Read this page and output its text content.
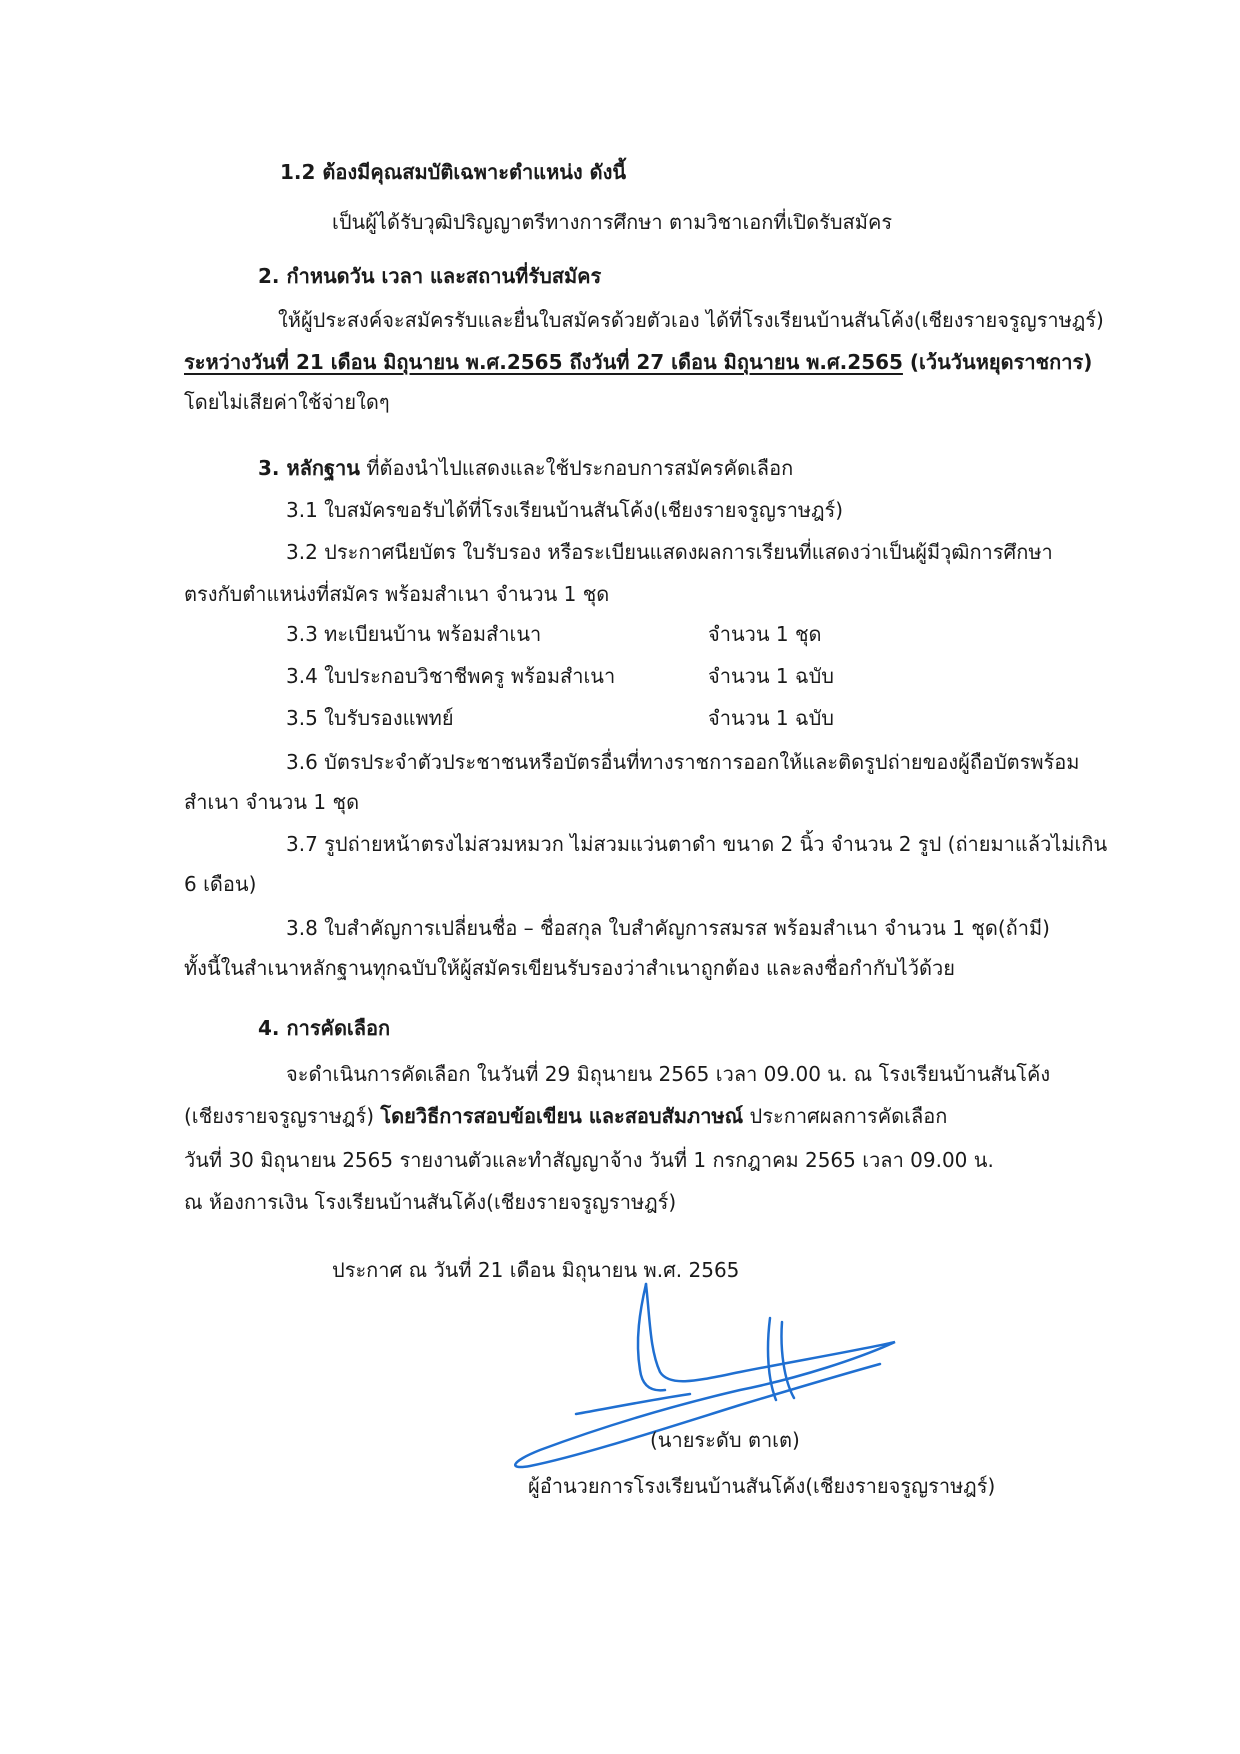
1.2 ต้องมีคุณสมบัติเฉพาะตำแหน่ง ดังนี้
เป็นผู้ได้รับวุฒิปริญญาตรีทางการศึกษา ตามวิชาเอกที่เปิดรับสมัคร
2. กำหนดวัน เวลา และสถานที่รับสมัคร
ให้ผู้ประสงค์จะสมัครรับและยื่นใบสมัครด้วยตัวเอง ได้ที่โรงเรียนบ้านสันโค้ง(เชียงรายจรูญราษฎร์)
ระหว่างวันที่ 21 เดือน มิถุนายน พ.ศ.2565 ถึงวันที่ 27 เดือน มิถุนายน พ.ศ.2565 (เว้นวันหยุดราชการ)
โดยไม่เสียค่าใช้จ่ายใดๆ
3. หลักฐาน ที่ต้องนำไปแสดงและใช้ประกอบการสมัครคัดเลือก
3.1 ใบสมัครขอรับได้ที่โรงเรียนบ้านสันโค้ง(เชียงรายจรูญราษฎร์)
3.2 ประกาศนียบัตร ใบรับรอง หรือระเบียนแสดงผลการเรียนที่แสดงว่าเป็นผู้มีวุฒิการศึกษา
ตรงกับตำแหน่งที่สมัคร พร้อมสำเนา จำนวน 1 ชุด
3.3 ทะเบียนบ้าน พร้อมสำเนา	จำนวน 1 ชุด
3.4 ใบประกอบวิชาชีพครู พร้อมสำเนา	จำนวน 1 ฉบับ
3.5 ใบรับรองแพทย์	จำนวน 1 ฉบับ
3.6 บัตรประจำตัวประชาชนหรือบัตรอื่นที่ทางราชการออกให้และติดรูปถ่ายของผู้ถือบัตรพร้อม
สำเนา จำนวน 1 ชุด
3.7 รูปถ่ายหน้าตรงไม่สวมหมวก ไม่สวมแว่นตาดำ ขนาด 2 นิ้ว จำนวน 2 รูป (ถ่ายมาแล้วไม่เกิน
6 เดือน)
3.8 ใบสำคัญการเปลี่ยนชื่อ – ชื่อสกุล ใบสำคัญการสมรส พร้อมสำเนา จำนวน 1 ชุด(ถ้ามี)
ทั้งนี้ในสำเนาหลักฐานทุกฉบับให้ผู้สมัครเขียนรับรองว่าสำเนาถูกต้อง และลงชื่อกำกับไว้ด้วย
4. การคัดเลือก
จะดำเนินการคัดเลือก ในวันที่ 29 มิถุนายน 2565 เวลา 09.00 น. ณ โรงเรียนบ้านสันโค้ง
(เชียงรายจรูญราษฎร์) โดยวิธีการสอบข้อเขียน และสอบสัมภาษณ์ ประกาศผลการคัดเลือก
วันที่ 30 มิถุนายน 2565 รายงานตัวและทำสัญญาจ้าง วันที่ 1 กรกฎาคม 2565 เวลา 09.00 น.
ณ ห้องการเงิน โรงเรียนบ้านสันโค้ง(เชียงรายจรูญราษฎร์)
ประกาศ ณ วันที่ 21 เดือน มิถุนายน พ.ศ. 2565
(นายระดับ ตาเต)
ผู้อำนวยการโรงเรียนบ้านสันโค้ง(เชียงรายจรูญราษฎร์)
